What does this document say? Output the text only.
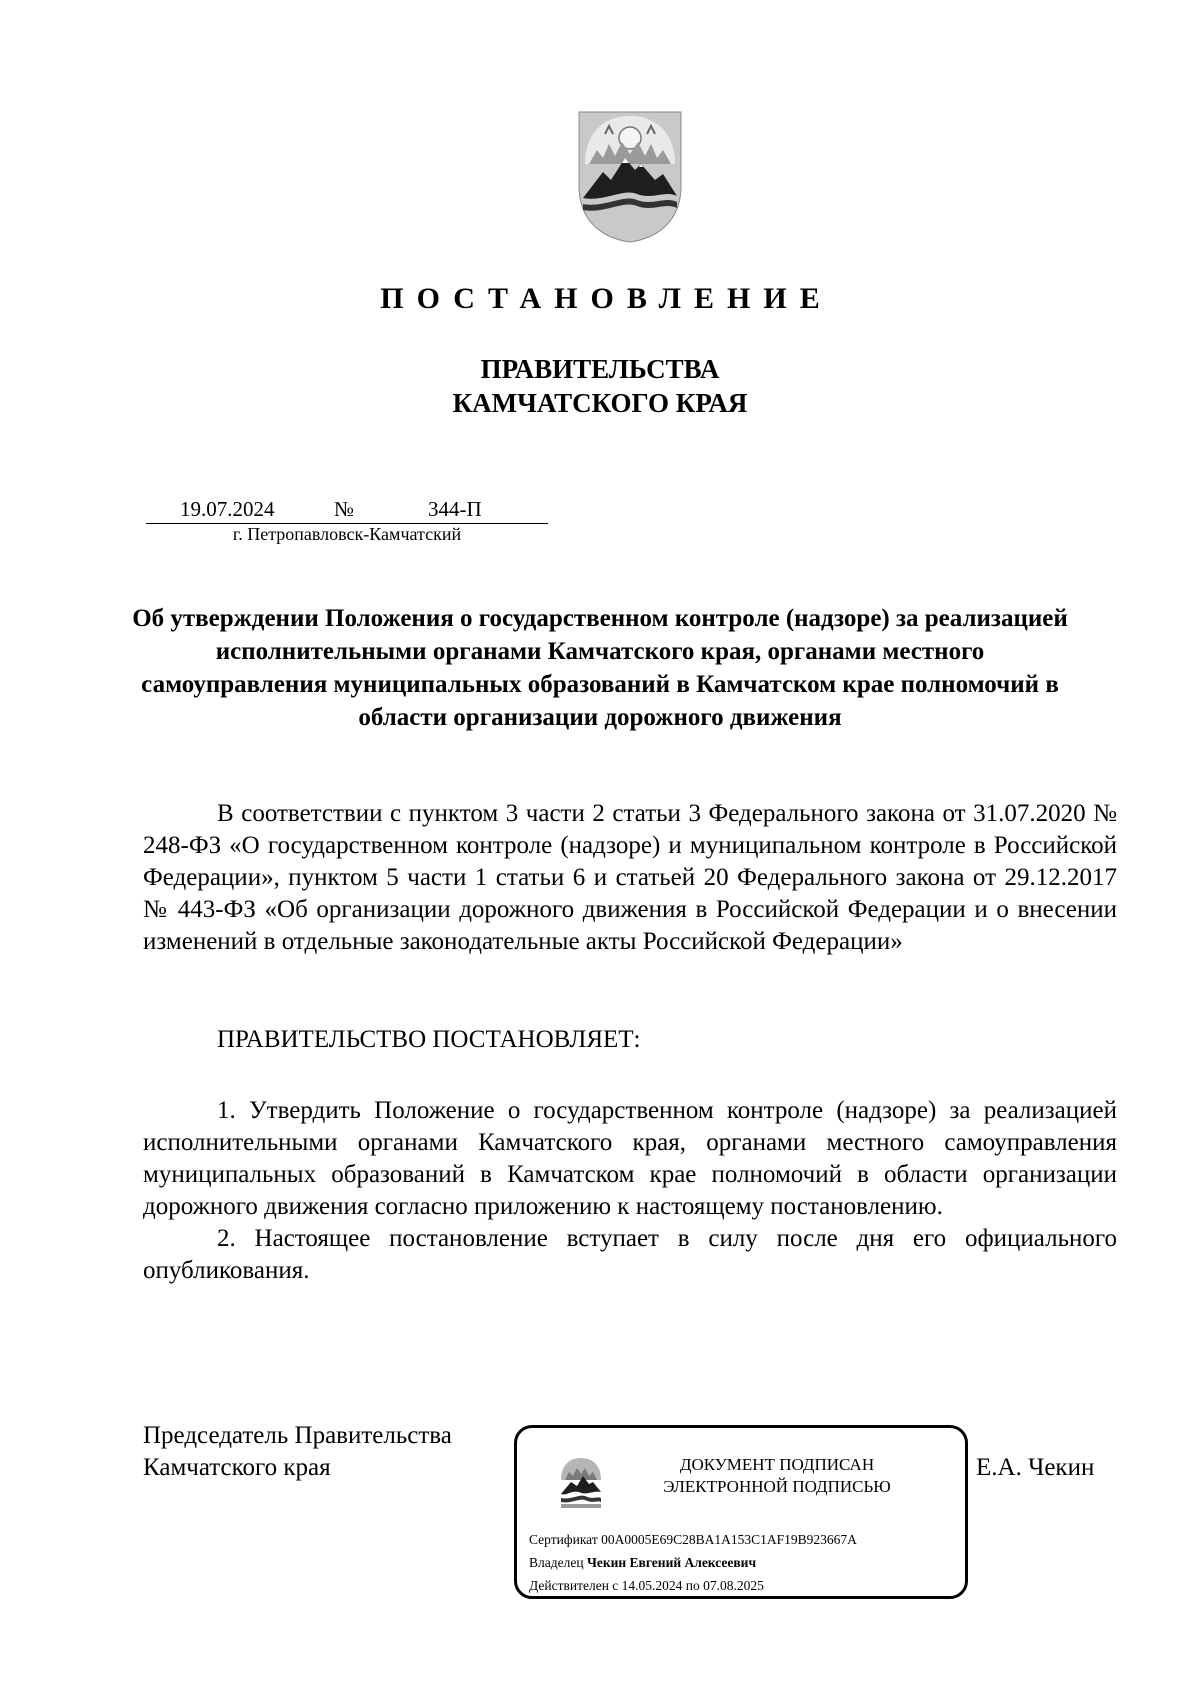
ПОСТАНОВЛЕНИЕ
ПРАВИТЕЛЬСТВА
КАМЧАТСКОГО КРАЯ
19.07.2024	№	344-П
г. Петропавловск-Камчатский
Об утверждении Положения о государственном контроле (надзоре) за реализацией исполнительными органами Камчатского края, органами местного самоуправления муниципальных образований в Камчатском крае полномочий в области организации дорожного движения

В соответствии с пунктом 3 части 2 статьи 3 Федерального закона от 31.07.2020 № 248-ФЗ «О государственном контроле (надзоре) и муниципальном контроле в Российской Федерации», пунктом 5 части 1 статьи 6 и статьей 20 Федерального закона от 29.12.2017 № 443-ФЗ «Об организации дорожного движения в Российской Федерации и о внесении изменений в отдельные законодательные акты Российской Федерации»

ПРАВИТЕЛЬСТВО ПОСТАНОВЛЯЕТ:

1. Утвердить Положение о государственном контроле (надзоре) за реализацией исполнительными органами Камчатского края, органами местного самоуправления муниципальных образований в Камчатском крае полномочий в области организации дорожного движения согласно приложению к настоящему постановлению.

2. Настоящее постановление вступает в силу после дня его официального опубликования.

Председатель Правительства
Камчатского края	Е.А. Чекин
ДОКУМЕНТ ПОДПИСАН
ЭЛЕКТРОННОЙ ПОДПИСЬЮ
Сертификат 00A0005E69C28BA1A153C1AF19B923667A
Владелец Чекин Евгений Алексеевич
Действителен с 14.05.2024 по 07.08.2025
